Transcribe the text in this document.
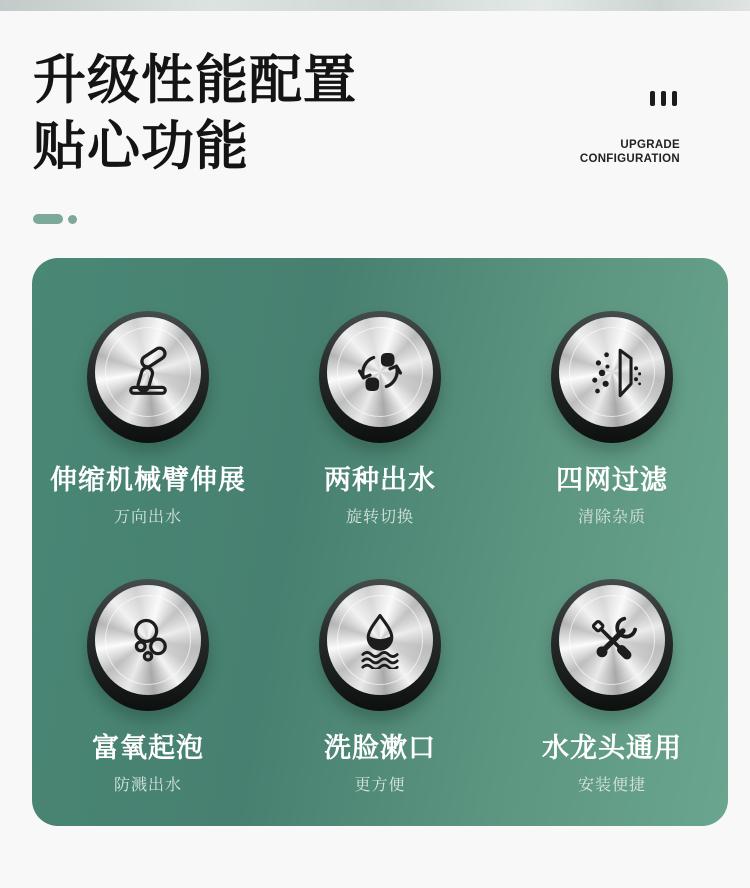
升级性能配置
贴心功能	UPGRADE
CONFIGURATION
伸缩机械臂伸展
万向出水
两种出水
旋转切换
四网过滤
清除杂质
富氧起泡
防溅出水
洗脸漱口
更方便
水龙头通用
安装便捷
